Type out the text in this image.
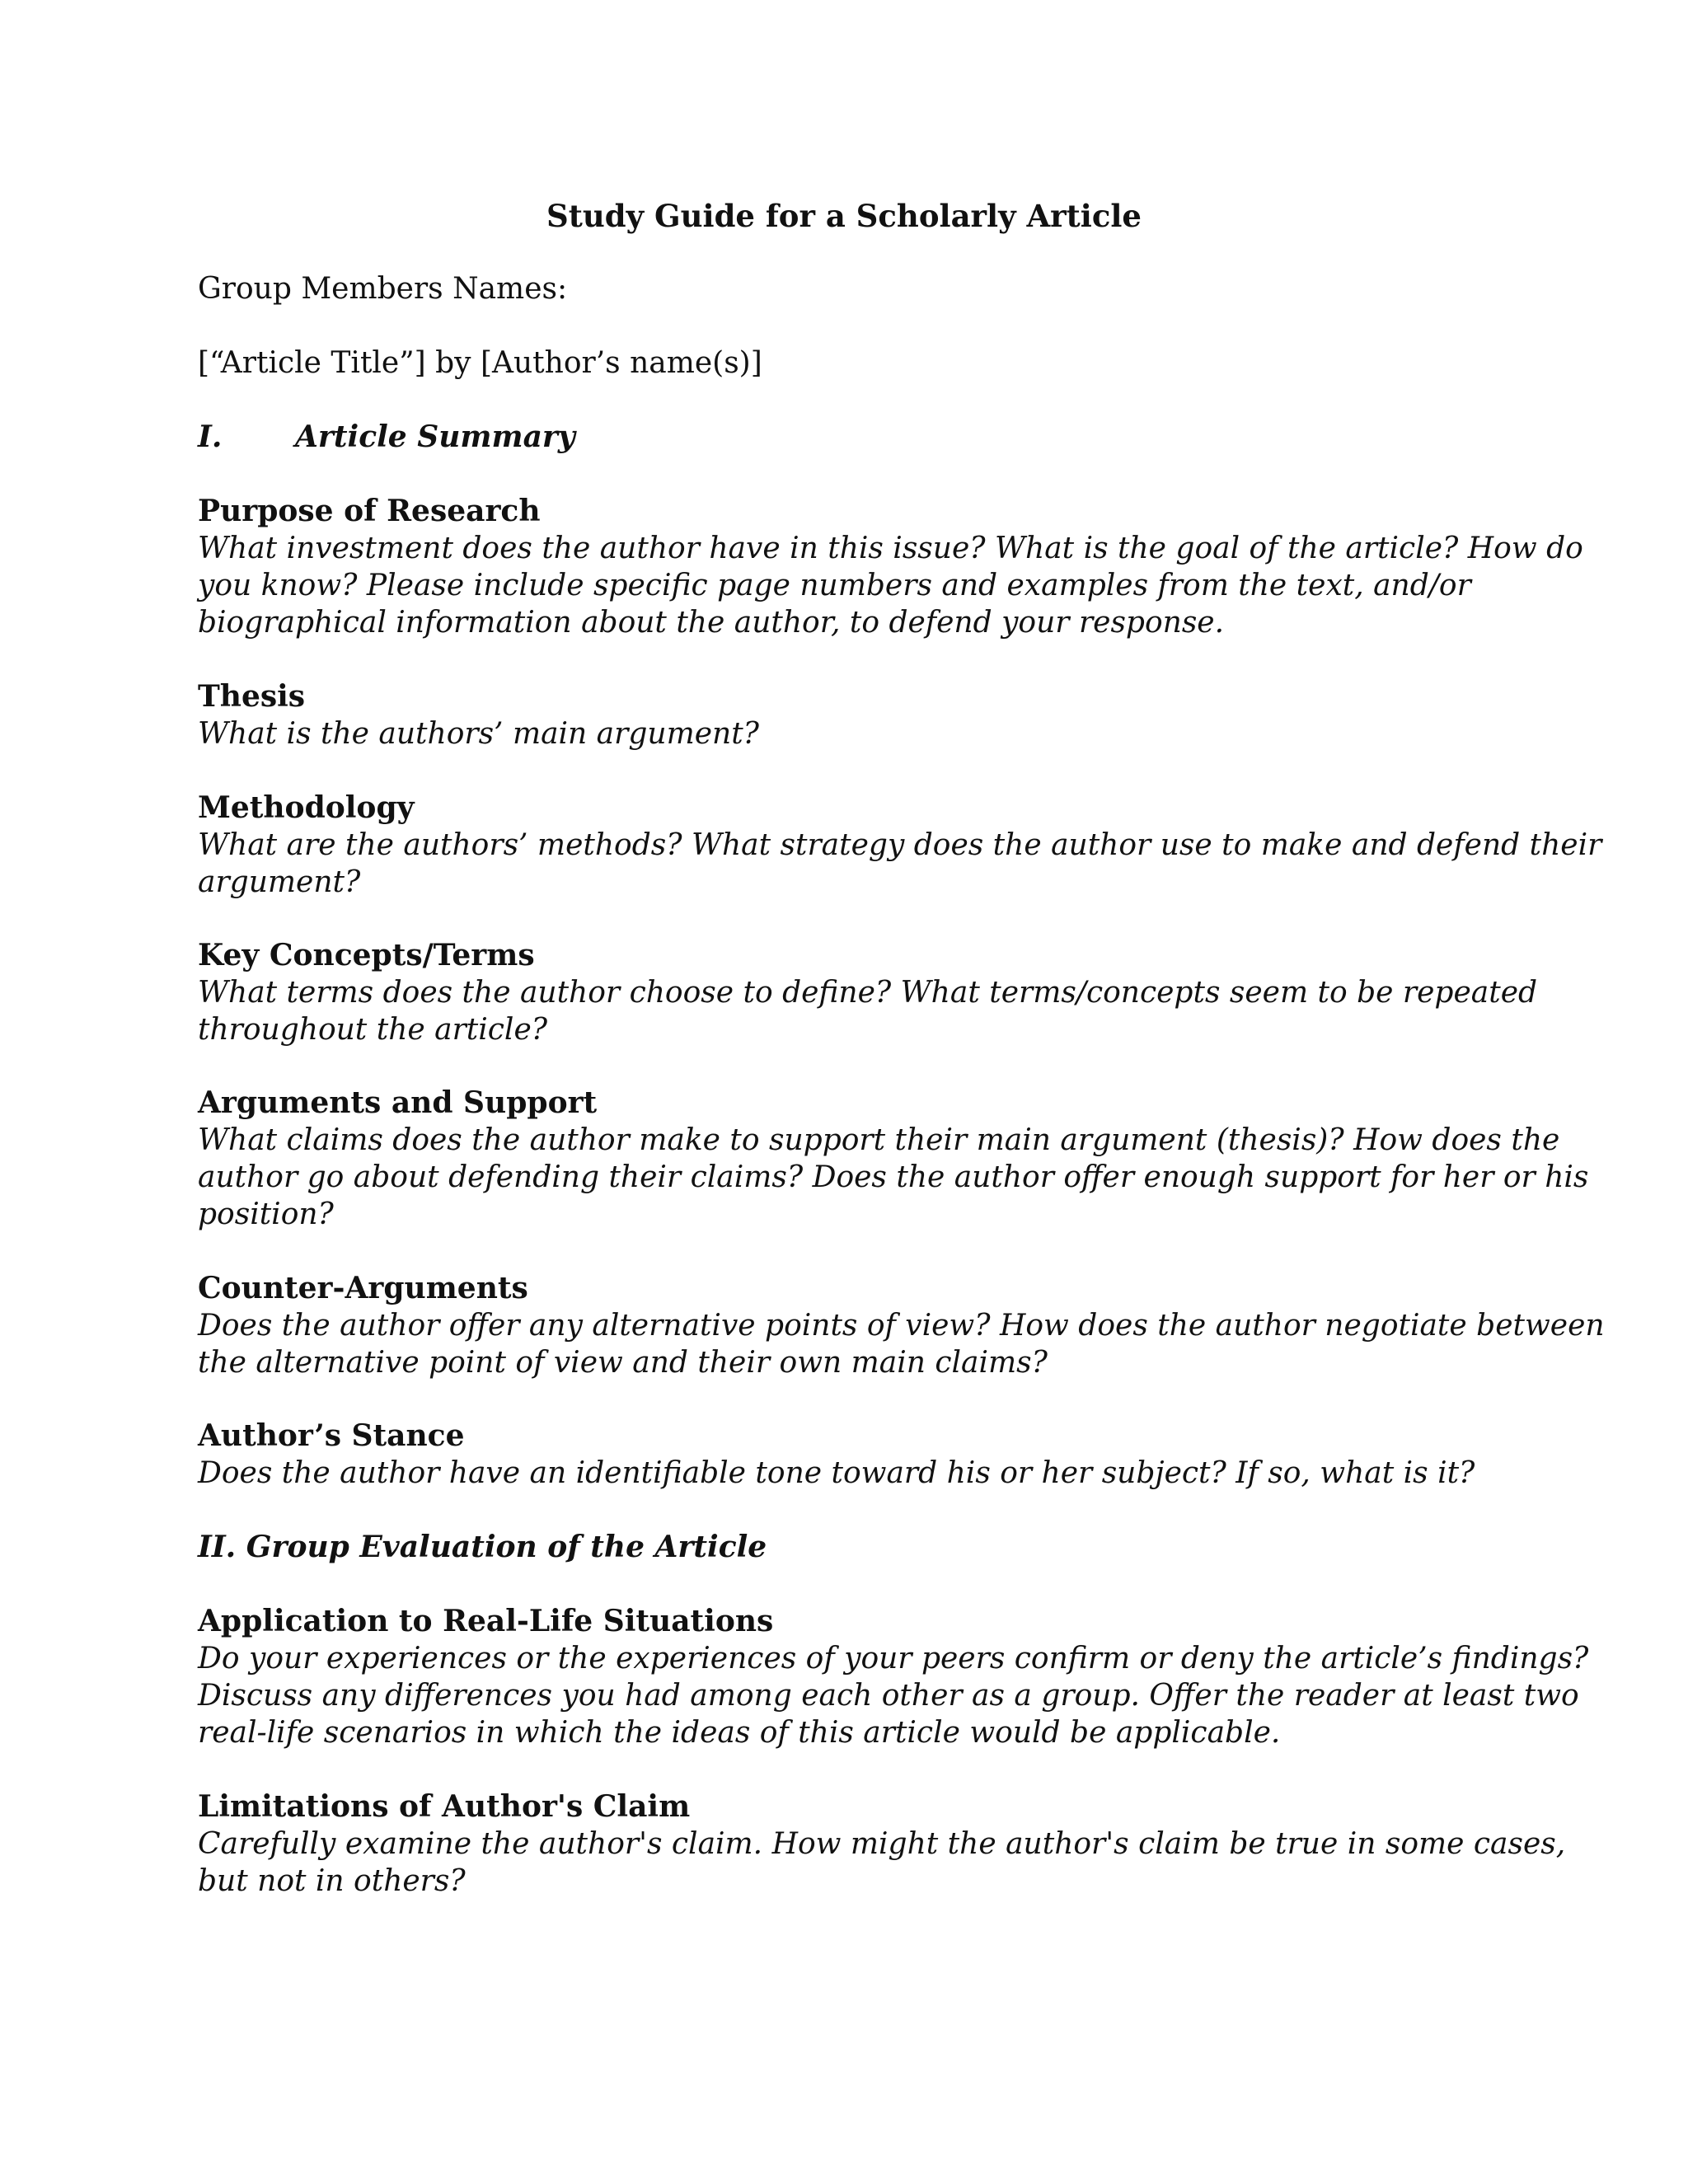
Study Guide for a Scholarly Article
Group Members Names:
[“Article Title”] by [Author’s name(s)]
I. Article Summary

Purpose of Research

What investment does the author have in this issue? What is the goal of the article? How do

you know? Please include specific page numbers and examples from the text, and/or

biographical information about the author, to defend your response.

Thesis

What is the authors’ main argument?

Methodology

What are the authors’ methods? What strategy does the author use to make and defend their

argument?

Key Concepts/Terms

What terms does the author choose to define? What terms/concepts seem to be repeated

throughout the article?

Arguments and Support

What claims does the author make to support their main argument (thesis)? How does the

author go about defending their claims? Does the author offer enough support for her or his

position?

Counter-Arguments

Does the author offer any alternative points of view? How does the author negotiate between

the alternative point of view and their own main claims?

Author’s Stance

Does the author have an identifiable tone toward his or her subject? If so, what is it?

II. Group Evaluation of the Article

Application to Real-Life Situations

Do your experiences or the experiences of your peers confirm or deny the article’s findings?

Discuss any differences you had among each other as a group. Offer the reader at least two

real-life scenarios in which the ideas of this article would be applicable.

Limitations of Author's Claim

Carefully examine the author's claim. How might the author's claim be true in some cases,

but not in others?
